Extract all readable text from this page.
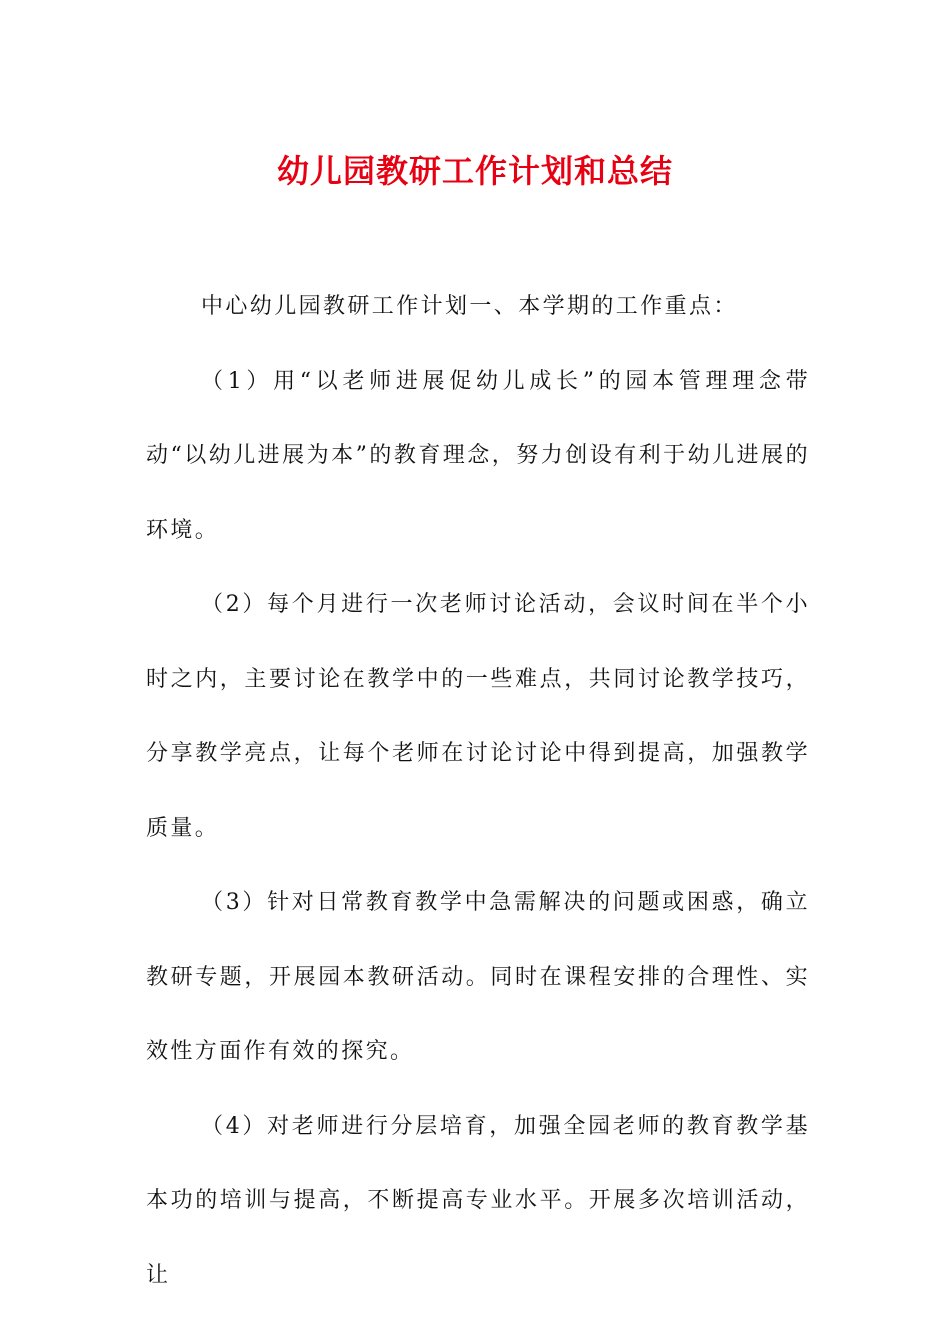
幼儿园教研工作计划和总结

中心幼儿园教研工作计划一、本学期的工作重点：

（1）用“以老师进展促幼儿成长”的园本管理理念带动“以幼儿进展为本”的教育理念，努力创设有利于幼儿进展的环境。

（2）每个月进行一次老师讨论活动，会议时间在半个小时之内，主要讨论在教学中的一些难点，共同讨论教学技巧，分享教学亮点，让每个老师在讨论讨论中得到提高，加强教学质量。

（3）针对日常教育教学中急需解决的问题或困惑，确立教研专题，开展园本教研活动。同时在课程安排的合理性、实效性方面作有效的探究。

（4）对老师进行分层培育，加强全园老师的教育教学基本功的培训与提高，不断提高专业水平。开展多次培训活动，让
